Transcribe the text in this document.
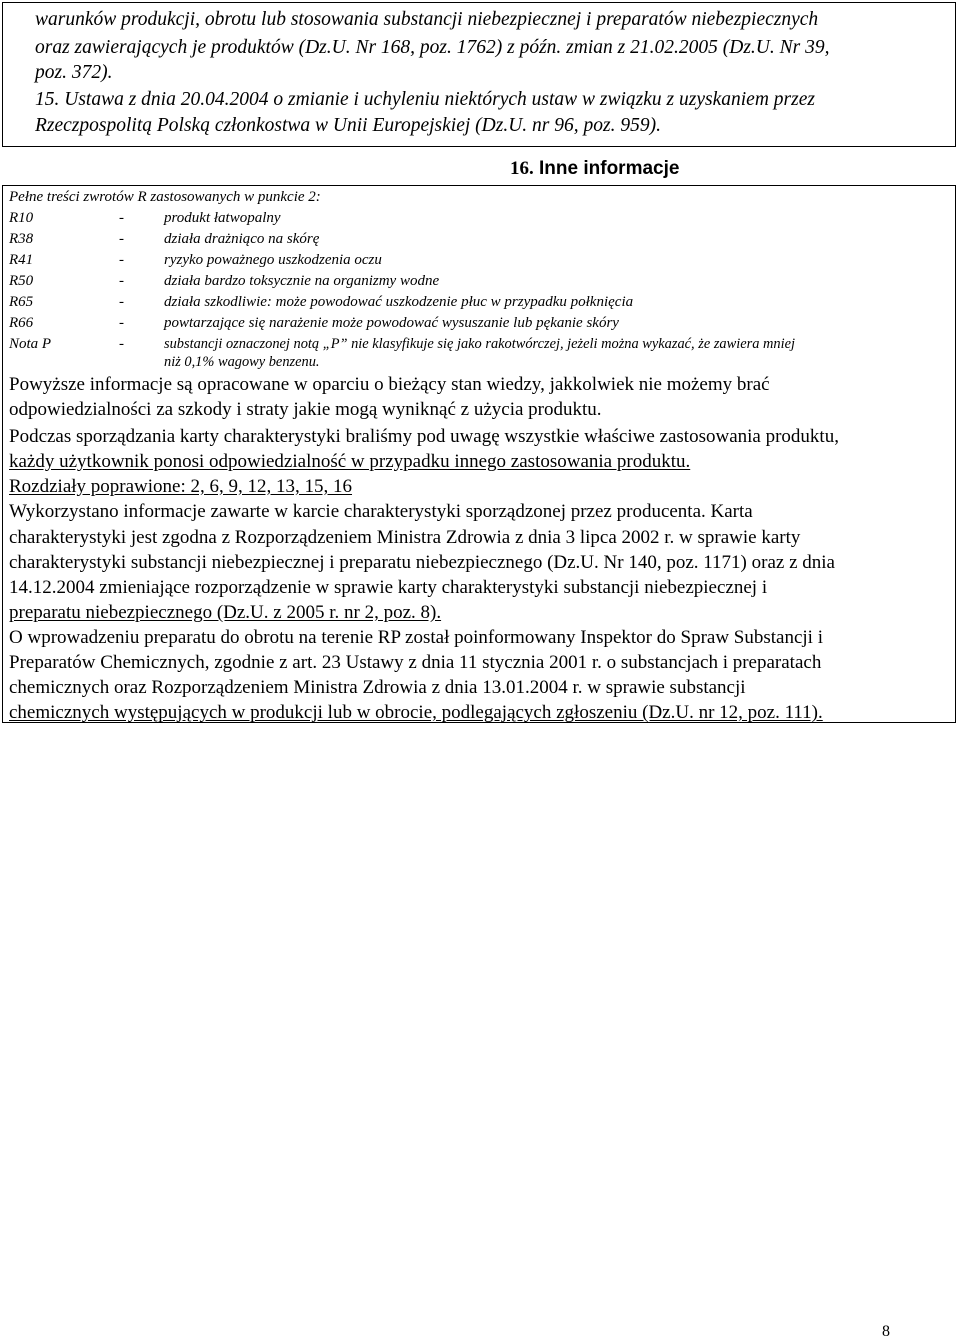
warunków produkcji, obrotu lub stosowania substancji niebezpiecznej i preparatów niebezpiecznych
oraz zawierających je produktów (Dz.U. Nr 168, poz. 1762) z późn. zmian z 21.02.2005 (Dz.U. Nr 39,
poz. 372).
15. Ustawa z dnia 20.04.2004 o zmianie i uchyleniu niektórych ustaw w związku z uzyskaniem przez
Rzeczpospolitą Polską członkostwa w Unii Europejskiej (Dz.U. nr 96, poz. 959).
16. Inne informacje
Pełne treści zwrotów R zastosowanych w punkcie 2:
R10	-	produkt łatwopalny
R38	-	działa drażniąco na skórę
R41	-	ryzyko poważnego uszkodzenia oczu
R50	-	działa bardzo toksycznie na organizmy wodne
R65	-	działa szkodliwie: może powodować uszkodzenie płuc w przypadku połknięcia
R66	-	powtarzające się narażenie może powodować wysuszanie lub pękanie skóry
Nota P	-	substancji oznaczonej notą „P” nie klasyfikuje się jako rakotwórczej, jeżeli można wykazać, że zawiera mniej
niż 0,1% wagowy benzenu.
Powyższe informacje są opracowane w oparciu o bieżący stan wiedzy, jakkolwiek nie możemy brać
odpowiedzialności za szkody i straty jakie mogą wyniknąć z użycia produktu.
Podczas sporządzania karty charakterystyki braliśmy pod uwagę wszystkie właściwe zastosowania produktu,
każdy użytkownik ponosi odpowiedzialność w przypadku innego zastosowania produktu.
Rozdziały poprawione: 2, 6, 9, 12, 13, 15, 16
Wykorzystano informacje zawarte w karcie charakterystyki sporządzonej przez producenta. Karta
charakterystyki jest zgodna z Rozporządzeniem Ministra Zdrowia z dnia 3 lipca 2002 r. w sprawie karty
charakterystyki substancji niebezpiecznej i preparatu niebezpiecznego (Dz.U. Nr 140, poz. 1171) oraz z dnia
14.12.2004 zmieniające rozporządzenie w sprawie karty charakterystyki substancji niebezpiecznej i
preparatu niebezpiecznego (Dz.U. z 2005 r. nr 2, poz. 8).
O wprowadzeniu preparatu do obrotu na terenie RP został poinformowany Inspektor do Spraw Substancji i
Preparatów Chemicznych, zgodnie z art. 23 Ustawy z dnia 11 stycznia 2001 r. o substancjach i preparatach
chemicznych oraz Rozporządzeniem Ministra Zdrowia z dnia 13.01.2004 r. w sprawie substancji
chemicznych występujących w produkcji lub w obrocie, podlegających zgłoszeniu (Dz.U. nr 12, poz. 111).
8
